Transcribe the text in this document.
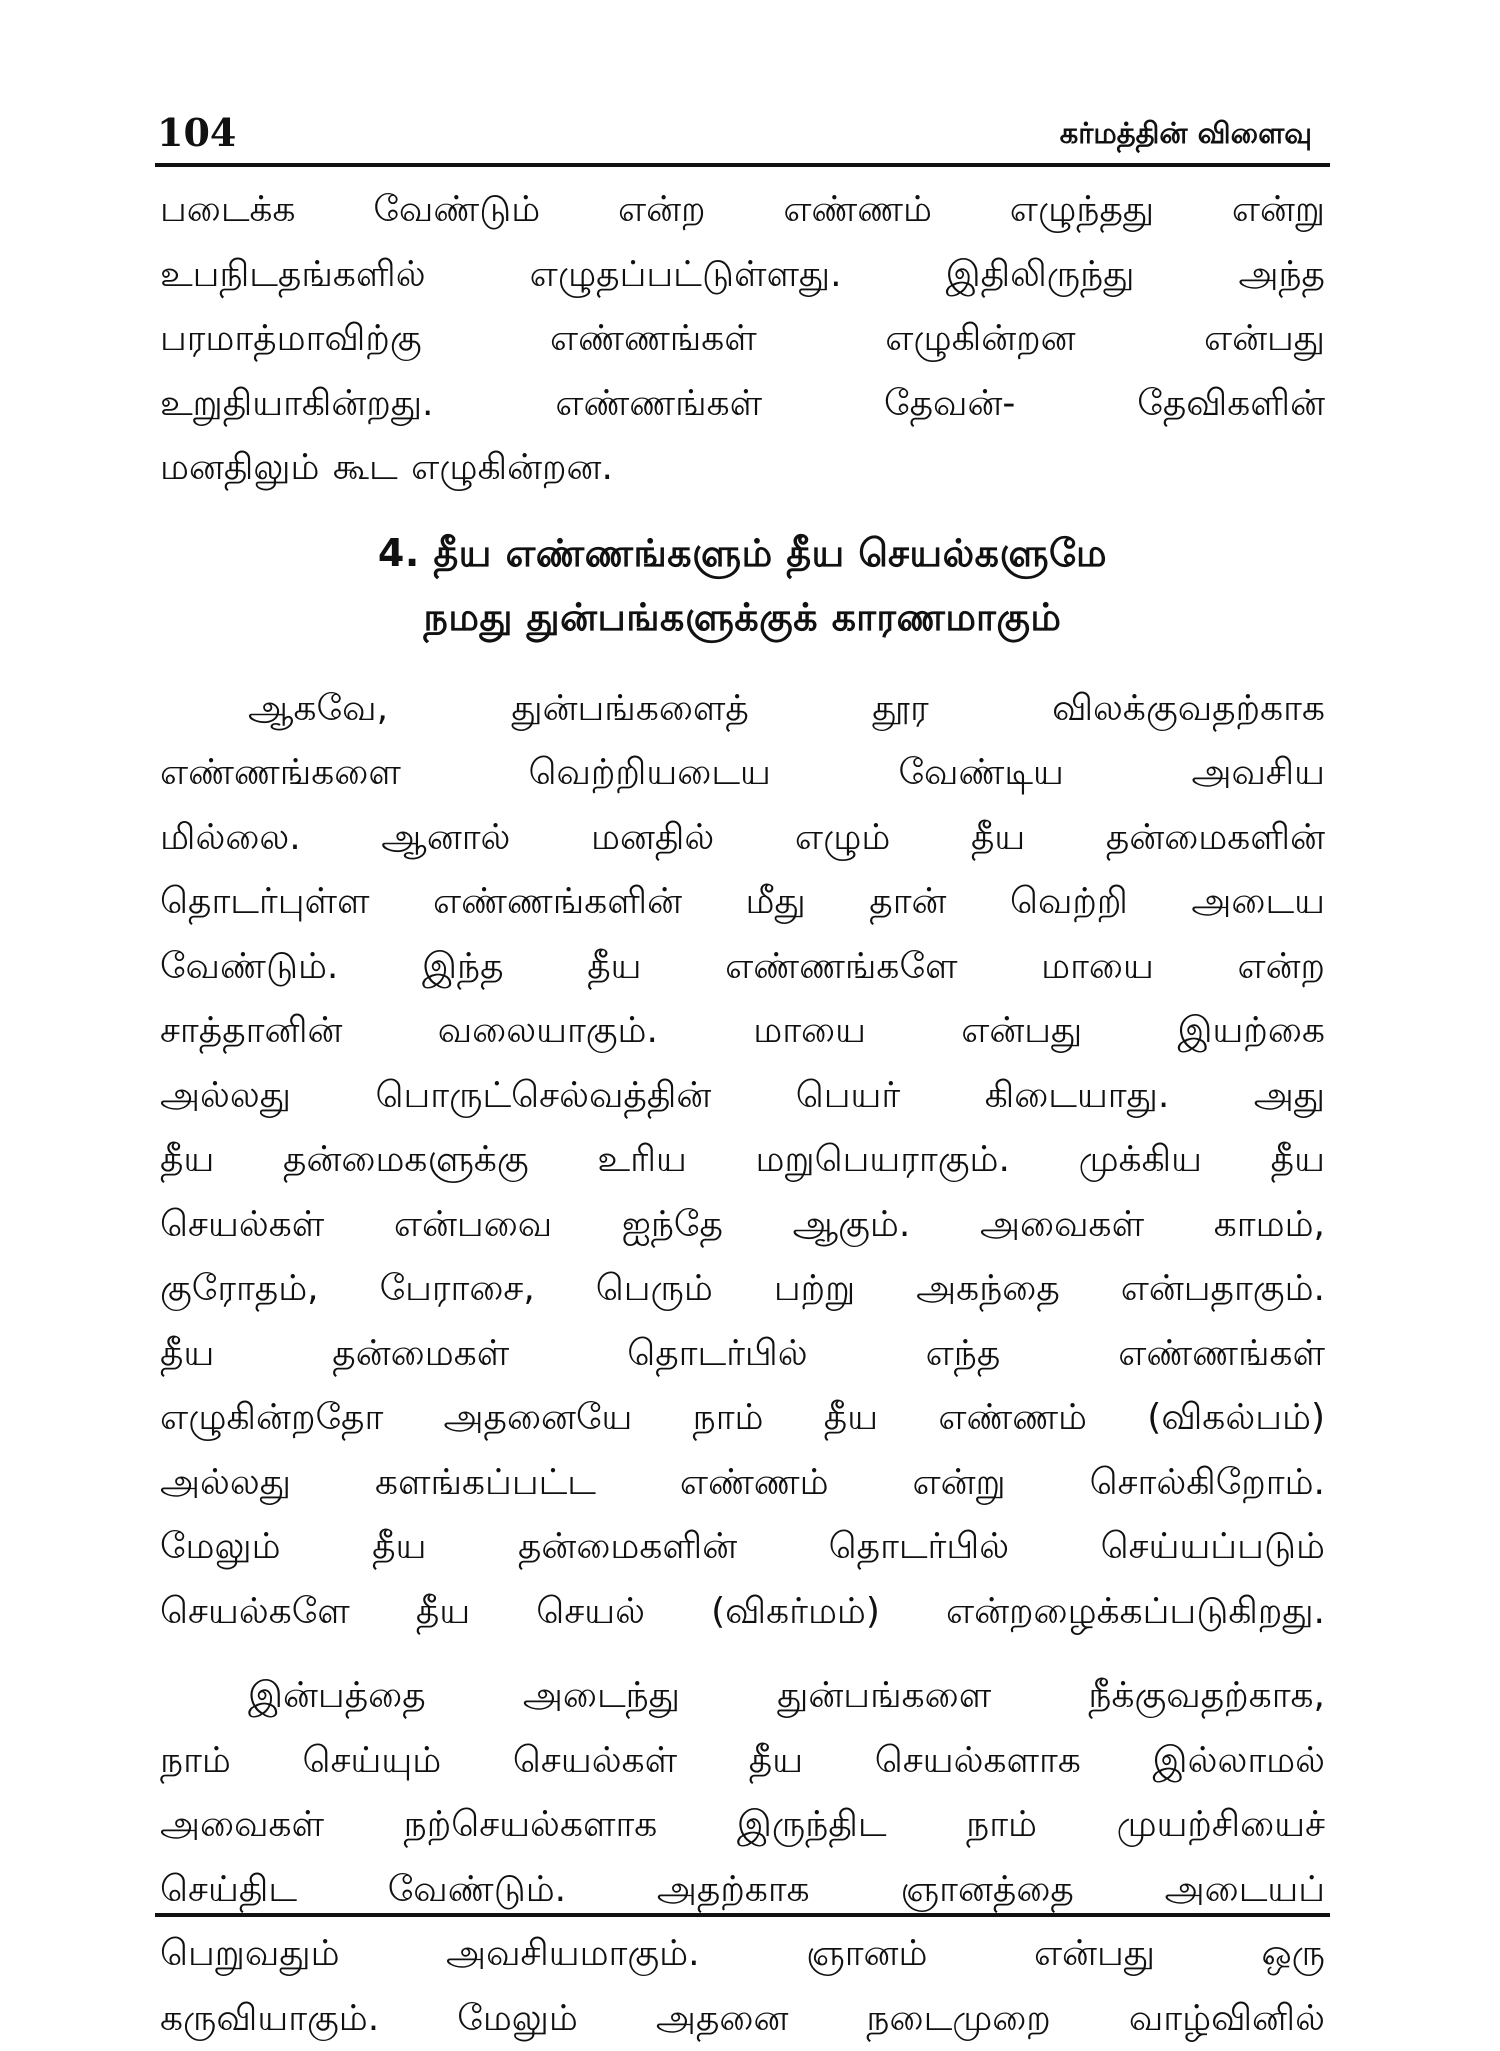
104	கர்மத்தின் விளைவு
படைக்க வேண்டும் என்ற எண்ணம் எழுந்தது என்று
உபநிடதங்களில் எழுதப்பட்டுள்ளது. இதிலிருந்து அந்த
பரமாத்மாவிற்கு எண்ணங்கள் எழுகின்றன என்பது
உறுதியாகின்றது. எண்ணங்கள் தேவன்- தேவிகளின்
மனதிலும் கூட எழுகின்றன.
4. தீய எண்ணங்களும் தீய செயல்களுமே
நமது துன்பங்களுக்குக் காரணமாகும்
ஆகவே, துன்பங்களைத் தூர விலக்குவதற்காக
எண்ணங்களை வெற்றியடைய வேண்டிய அவசிய
மில்லை. ஆனால் மனதில் எழும் தீய தன்மைகளின்
தொடர்புள்ள எண்ணங்களின் மீது தான் வெற்றி அடைய
வேண்டும். இந்த தீய எண்ணங்களே மாயை என்ற
சாத்தானின் வலையாகும். மாயை என்பது இயற்கை
அல்லது பொருட்செல்வத்தின் பெயர் கிடையாது. அது
தீய தன்மைகளுக்கு உரிய மறுபெயராகும். முக்கிய தீய
செயல்கள் என்பவை ஐந்தே ஆகும். அவைகள் காமம்,
குரோதம், பேராசை, பெரும் பற்று அகந்தை என்பதாகும்.
தீய தன்மைகள் தொடர்பில் எந்த எண்ணங்கள்
எழுகின்றதோ அதனையே நாம் தீய எண்ணம் (விகல்பம்)
அல்லது களங்கப்பட்ட எண்ணம் என்று சொல்கிறோம்.
மேலும் தீய தன்மைகளின் தொடர்பில் செய்யப்படும்
செயல்களே தீய செயல் (விகர்மம்) என்றழைக்கப்படுகிறது.
இன்பத்தை அடைந்து துன்பங்களை நீக்குவதற்காக,
நாம் செய்யும் செயல்கள் தீய செயல்களாக இல்லாமல்
அவைகள் நற்செயல்களாக இருந்திட நாம் முயற்சியைச்
செய்திட வேண்டும். அதற்காக ஞானத்தை அடையப்
பெறுவதும் அவசியமாகும். ஞானம் என்பது ஒரு
கருவியாகும். மேலும் அதனை நடைமுறை வாழ்வினில்
